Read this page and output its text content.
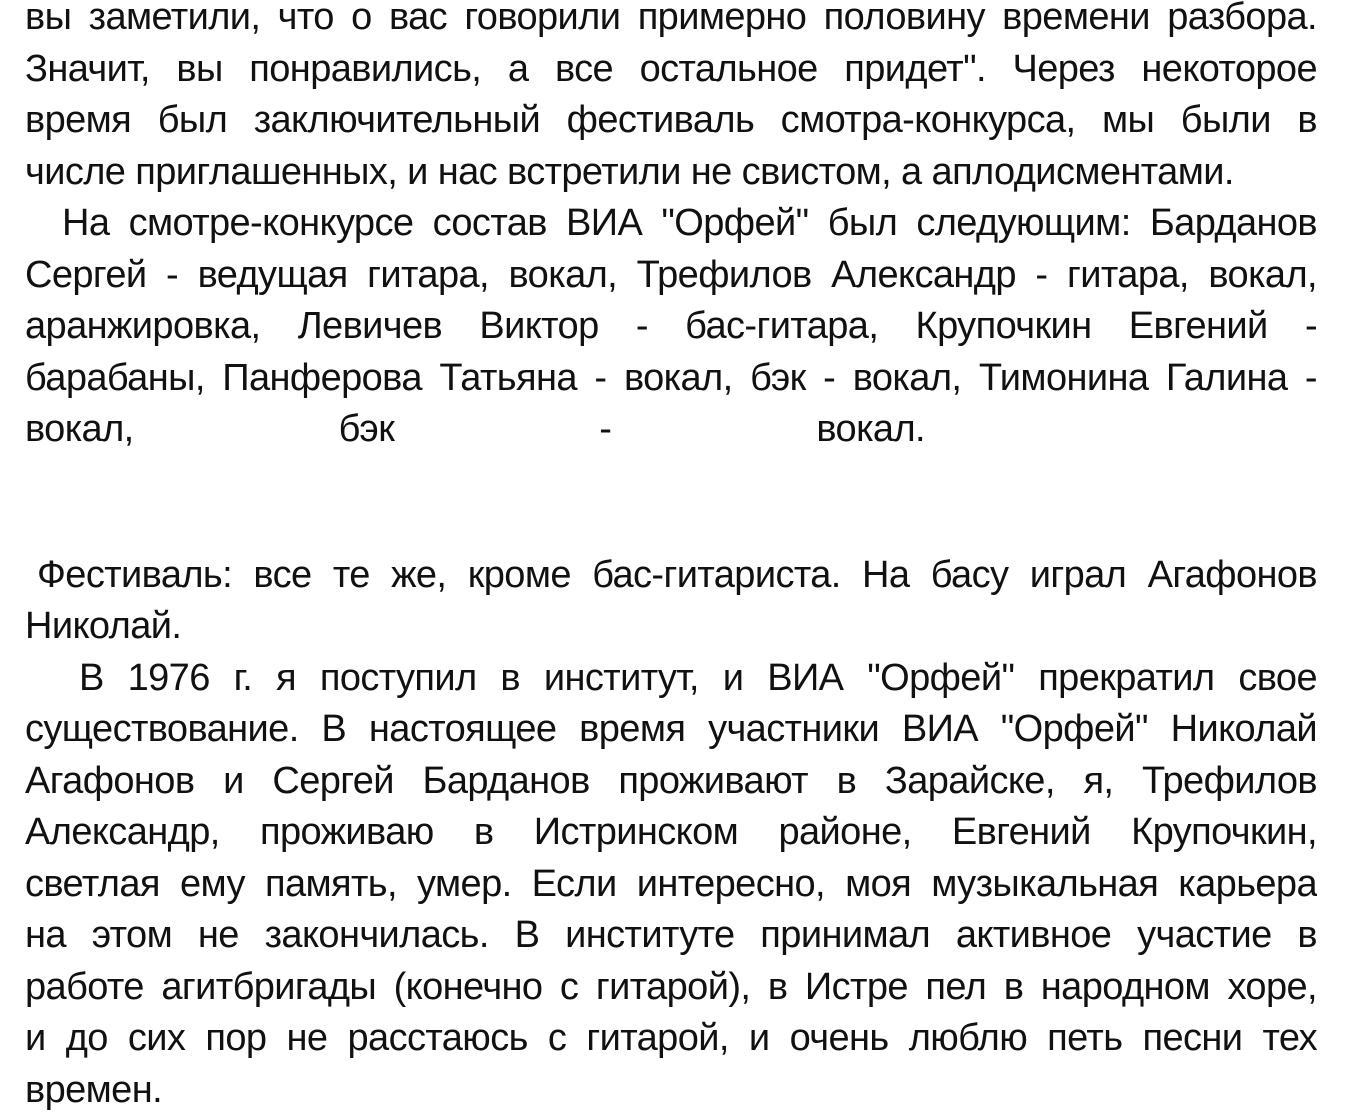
вы заметили, что о вас говорили примерно половину времени разбора.
Значит, вы понравились, а все остальное придет". Через некоторое
время был заключительный фестиваль смотра-конкурса, мы были в
числе приглашенных, и нас встретили не свистом, а аплодисментами.
На смотре-конкурсе состав ВИА "Орфей" был следующим: Барданов
Сергей - ведущая гитара, вокал, Трефилов Александр - гитара, вокал,
аранжировка, Левичев Виктор - бас-гитара, Крупочкин Евгений -
барабаны, Панферова Татьяна - вокал, бэк - вокал, Тимонина Галина -
вокал, бэк - вокал.
Фестиваль: все те же, кроме бас-гитариста. На басу играл Агафонов
Николай.
В 1976 г. я поступил в институт, и ВИА "Орфей" прекратил свое
существование. В настоящее время участники ВИА "Орфей" Николай
Агафонов и Сергей Барданов проживают в Зарайске, я, Трефилов
Александр, проживаю в Истринском районе, Евгений Крупочкин,
светлая ему память, умер. Если интересно, моя музыкальная карьера
на этом не закончилась. В институте принимал активное участие в
работе агитбригады (конечно с гитарой), в Истре пел в народном хоре,
и до сих пор не расстаюсь с гитарой, и очень люблю петь песни тех
времен.
